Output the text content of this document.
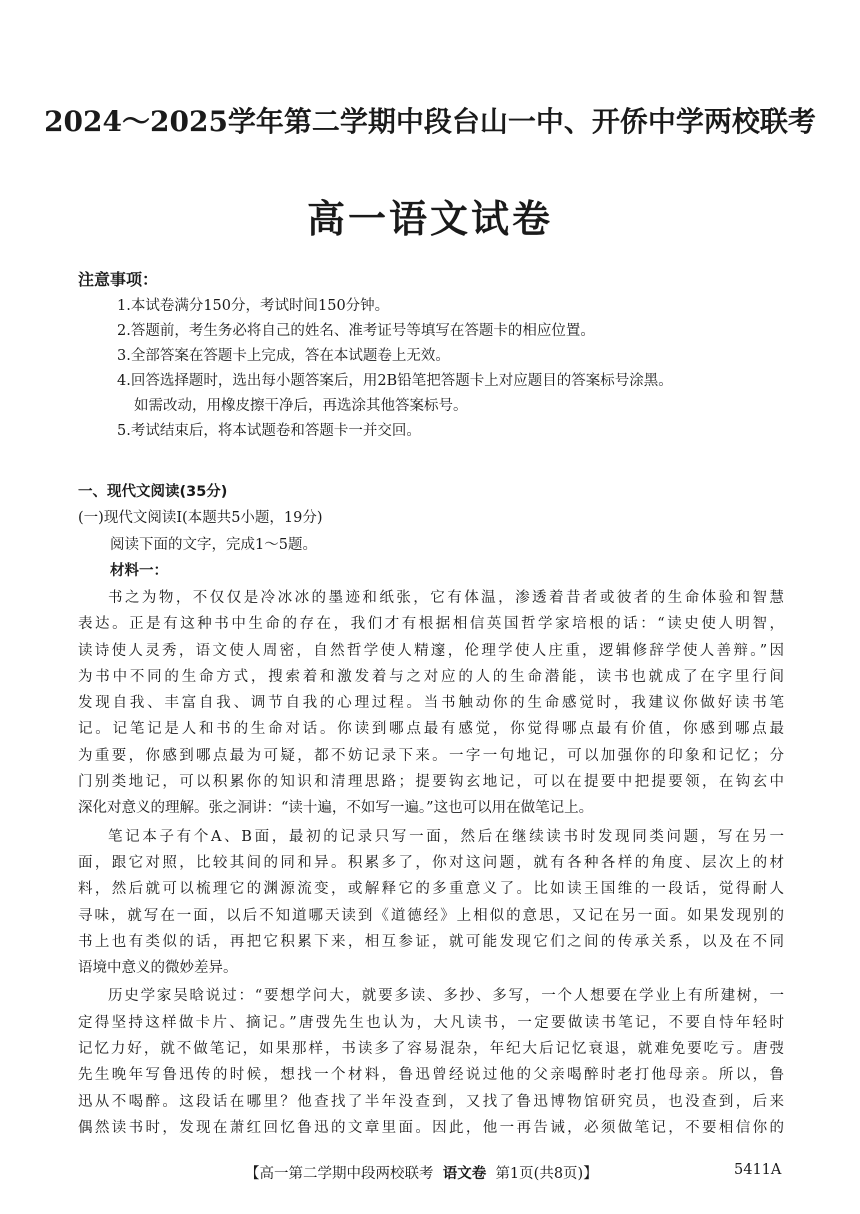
2024～2025学年第二学期中段台山一中、开侨中学两校联考
高一语文试卷
注意事项：
1.本试卷满分150分，考试时间150分钟。
2.答题前，考生务必将自己的姓名、准考证号等填写在答题卡的相应位置。
3.全部答案在答题卡上完成，答在本试题卷上无效。
4.回答选择题时，选出每小题答案后，用2B铅笔把答题卡上对应题目的答案标号涂黑。
如需改动，用橡皮擦干净后，再选涂其他答案标号。
5.考试结束后，将本试题卷和答题卡一并交回。
一、现代文阅读(35分)
(一)现代文阅读Ⅰ(本题共5小题，19分)
阅读下面的文字，完成1～5题。
材料一：
书之为物，不仅仅是冷冰冰的墨迹和纸张，它有体温，渗透着昔者或彼者的生命体验和智慧
表达。正是有这种书中生命的存在，我们才有根据相信英国哲学家培根的话：“读史使人明智，
读诗使人灵秀，语文使人周密，自然哲学使人精邃，伦理学使人庄重，逻辑修辞学使人善辩。”因
为书中不同的生命方式，搜索着和激发着与之对应的人的生命潜能，读书也就成了在字里行间
发现自我、丰富自我、调节自我的心理过程。当书触动你的生命感觉时，我建议你做好读书笔
记。记笔记是人和书的生命对话。你读到哪点最有感觉，你觉得哪点最有价值，你感到哪点最
为重要，你感到哪点最为可疑，都不妨记录下来。一字一句地记，可以加强你的印象和记忆；分
门别类地记，可以积累你的知识和清理思路；提要钩玄地记，可以在提要中把提要领，在钩玄中
深化对意义的理解。张之洞讲：“读十遍，不如写一遍。”这也可以用在做笔记上。
笔记本子有个A、B面，最初的记录只写一面，然后在继续读书时发现同类问题，写在另一
面，跟它对照，比较其间的同和异。积累多了，你对这问题，就有各种各样的角度、层次上的材
料，然后就可以梳理它的渊源流变，或解释它的多重意义了。比如读王国维的一段话，觉得耐人
寻味，就写在一面，以后不知道哪天读到《道德经》上相似的意思，又记在另一面。如果发现别的
书上也有类似的话，再把它积累下来，相互参证，就可能发现它们之间的传承关系，以及在不同
语境中意义的微妙差异。
历史学家吴晗说过：“要想学问大，就要多读、多抄、多写，一个人想要在学业上有所建树，一
定得坚持这样做卡片、摘记。”唐弢先生也认为，大凡读书，一定要做读书笔记，不要自恃年轻时
记忆力好，就不做笔记，如果那样，书读多了容易混杂，年纪大后记忆衰退，就难免要吃亏。唐弢
先生晚年写鲁迅传的时候，想找一个材料，鲁迅曾经说过他的父亲喝醉时老打他母亲。所以，鲁
迅从不喝醉。这段话在哪里？他查找了半年没查到，又找了鲁迅博物馆研究员，也没查到，后来
偶然读书时，发现在萧红回忆鲁迅的文章里面。因此，他一再告诫，必须做笔记，不要相信你的
【高一第二学期中段两校联考 语文卷 第1页(共8页)】	5411A
